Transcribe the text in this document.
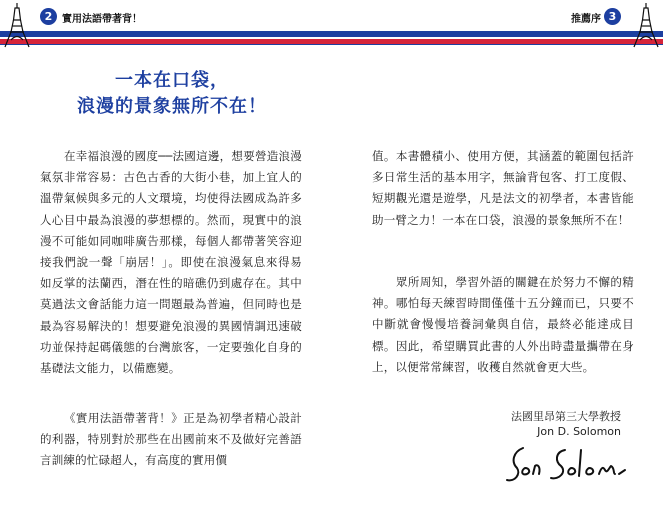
2 實用法語帶著背！	推薦序 3
一本在口袋，
浪漫的景象無所不在！

在幸福浪漫的國度──法國這邊，想要營造浪漫氣氛非常容易：古色古香的大街小巷，加上宜人的溫帶氣候與多元的人文環境，均使得法國成為許多人心目中最為浪漫的夢想標的。然而，現實中的浪漫不可能如同咖啡廣告那樣，每個人都帶著笑容迎接我們說一聲「崩居！」。即使在浪漫氣息來得易如反掌的法蘭西，潛在性的暗礁仍到處存在。其中莫過法文會話能力這一問題最為普遍，但同時也是最為容易解決的！想要避免浪漫的異國情調迅速破功並保持起碼儀態的台灣旅客，一定要強化自身的基礎法文能力，以備應變。

《實用法語帶著背！》正是為初學者精心設計的利器，特別對於那些在出國前來不及做好完善語言訓練的忙碌超人，有高度的實用價

值。本書體積小、使用方便，其涵蓋的範圍包括許多日常生活的基本用字，無論背包客、打工度假、短期觀光還是遊學，凡是法文的初學者，本書皆能助一臂之力！一本在口袋，浪漫的景象無所不在！

眾所周知，學習外語的關鍵在於努力不懈的精神。哪怕每天練習時間僅僅十五分鐘而已，只要不中斷就會慢慢培養詞彙與自信，最終必能達成目標。因此，希望購買此書的人外出時盡量攜帶在身上，以便常常練習，收穫自然就會更大些。

法國里昂第三大學教授
Jon D. Solomon
